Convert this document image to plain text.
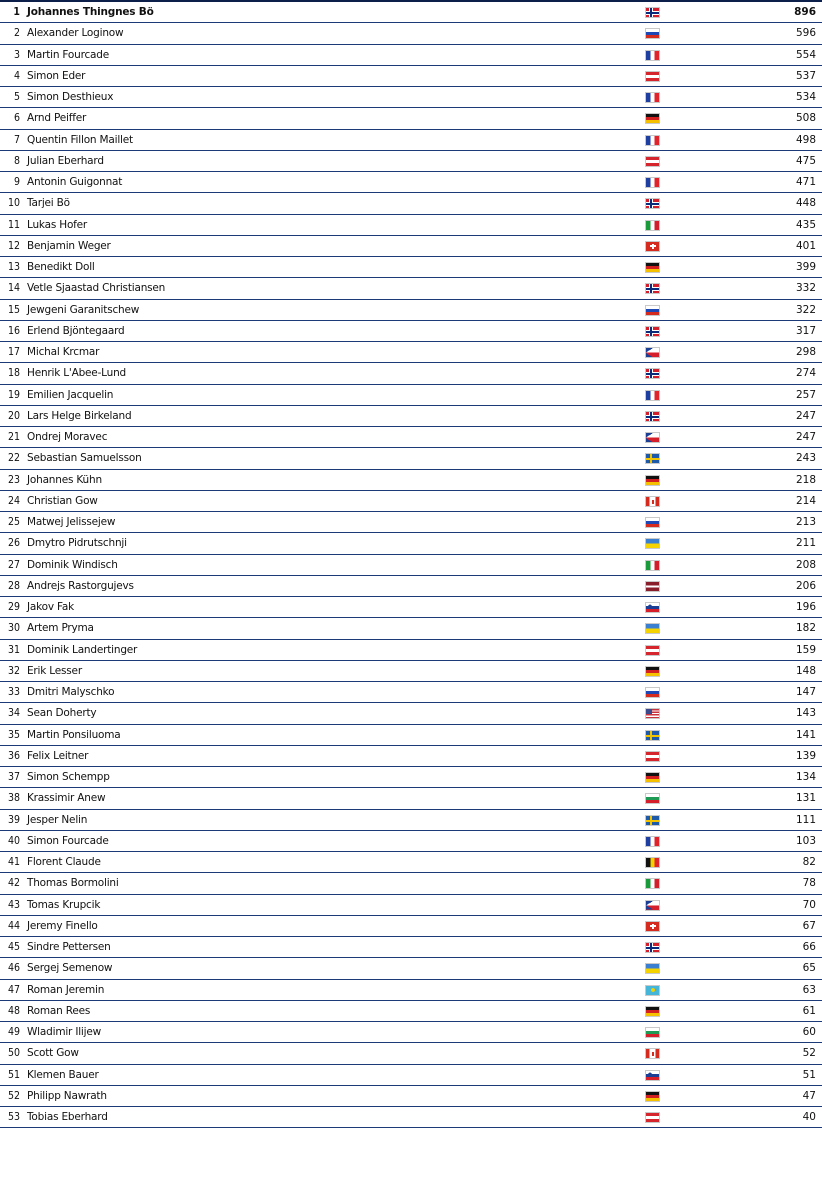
1 Johannes Thingnes Bö	896
2 Alexander Loginow	596
3 Martin Fourcade	554
4 Simon Eder	537
5 Simon Desthieux	534
6 Arnd Peiffer	508
7 Quentin Fillon Maillet	498
8 Julian Eberhard	475
9 Antonin Guigonnat	471
10 Tarjei Bö	448
11 Lukas Hofer	435
12 Benjamin Weger	401
13 Benedikt Doll	399
14 Vetle Sjaastad Christiansen	332
15 Jewgeni Garanitschew	322
16 Erlend Bjöntegaard	317
17 Michal Krcmar	298
18 Henrik L'Abee-Lund	274
19 Emilien Jacquelin	257
20 Lars Helge Birkeland	247
21 Ondrej Moravec	247
22 Sebastian Samuelsson	243
23 Johannes Kühn	218
24 Christian Gow	214
25 Matwej Jelissejew	213
26 Dmytro Pidrutschnji	211
27 Dominik Windisch	208
28 Andrejs Rastorgujevs	206
29 Jakov Fak	196
30 Artem Pryma	182
31 Dominik Landertinger	159
32 Erik Lesser	148
33 Dmitri Malyschko	147
34 Sean Doherty	143
35 Martin Ponsiluoma	141
36 Felix Leitner	139
37 Simon Schempp	134
38 Krassimir Anew	131
39 Jesper Nelin	111
40 Simon Fourcade	103
41 Florent Claude	82
42 Thomas Bormolini	78
43 Tomas Krupcik	70
44 Jeremy Finello	67
45 Sindre Pettersen	66
46 Sergej Semenow	65
47 Roman Jeremin	63
48 Roman Rees	61
49 Wladimir Ilijew	60
50 Scott Gow	52
51 Klemen Bauer	51
52 Philipp Nawrath	47
53 Tobias Eberhard	40
